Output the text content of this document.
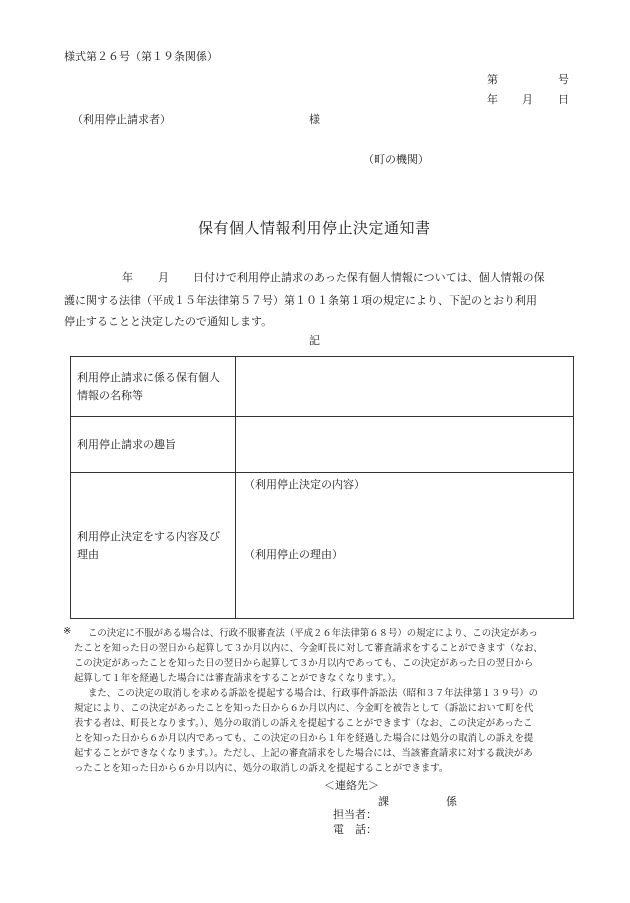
様式第２６号（第１９条関係）
第	号
年 月 日
（利用停止請求者）	様
（町の機関）
保有個人情報利用停止決定通知書
年 月 日付けで利用停止請求のあった保有個人情報については、個人情報の保
護に関する法律（平成１５年法律第５７号）第１０１条第１項の規定により、下記のとおり利用
停止することと決定したので通知します。
記
利用停止請求に係る保有個人
情報の名称等	

利用停止請求の趣旨	

利用停止決定をする内容及び
理由	

（利用停止決定の内容）
（利用停止の理由）
※ この決定に不服がある場合は、行政不服審査法（平成２６年法律第６８号）の規定により、この決定があっ
たことを知った日の翌日から起算して３か月以内に、今金町長に対して審査請求をすることができます（なお、
この決定があったことを知った日の翌日から起算して３か月以内であっても、この決定があった日の翌日から
起算して１年を経過した場合には審査請求をすることができなくなります。）。
また、この決定の取消しを求める訴訟を提起する場合は、行政事件訴訟法（昭和３７年法律第１３９号）の
規定により、この決定があったことを知った日から６か月以内に、今金町を被告として（訴訟において町を代
表する者は、町長となります。）、処分の取消しの訴えを提起することができます（なお、この決定があったこ
とを知った日から６か月以内であっても、この決定の日から１年を経過した場合には処分の取消しの訴えを提
起することができなくなります。）。ただし、上記の審査請求をした場合には、当該審査請求に対する裁決があ
ったことを知った日から６か月以内に、処分の取消しの訴えを提起することができます。
＜連絡先＞
課	係
担当者：
電　話：
